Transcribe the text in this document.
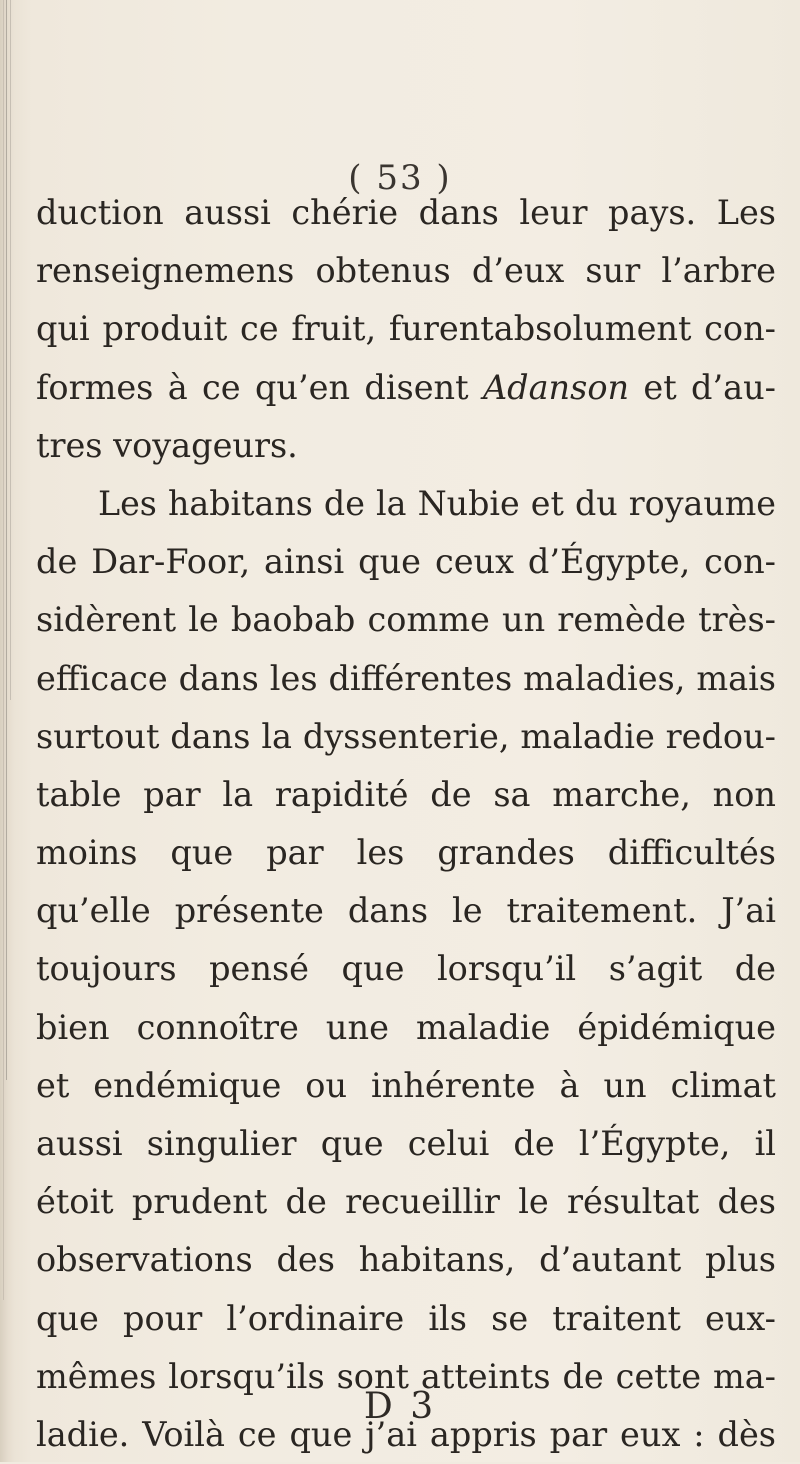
( 53 )
duction aussi chérie dans leur pays. Les
renseignemens obtenus d’eux sur l’arbre
qui produit ce fruit, furentabsolument con-
formes à ce qu’en disent Adanson et d’au-
tres voyageurs.
Les habitans de la Nubie et du royaume
de Dar-Foor, ainsi que ceux d’Égypte, con-
sidèrent le baobab comme un remède très-
efficace dans les différentes maladies, mais
surtout dans la dyssenterie, maladie redou-
table par la rapidité de sa marche, non
moins que par les grandes difficultés
qu’elle présente dans le traitement. J’ai
toujours pensé que lorsqu’il s’agit de
bien connoître une maladie épidémique
et endémique ou inhérente à un climat
aussi singulier que celui de l’Égypte, il
étoit prudent de recueillir le résultat des
observations des habitans, d’autant plus
que pour l’ordinaire ils se traitent eux-
mêmes lorsqu’ils sont atteints de cette ma-
ladie. Voilà ce que j’ai appris par eux : dès
D 3
